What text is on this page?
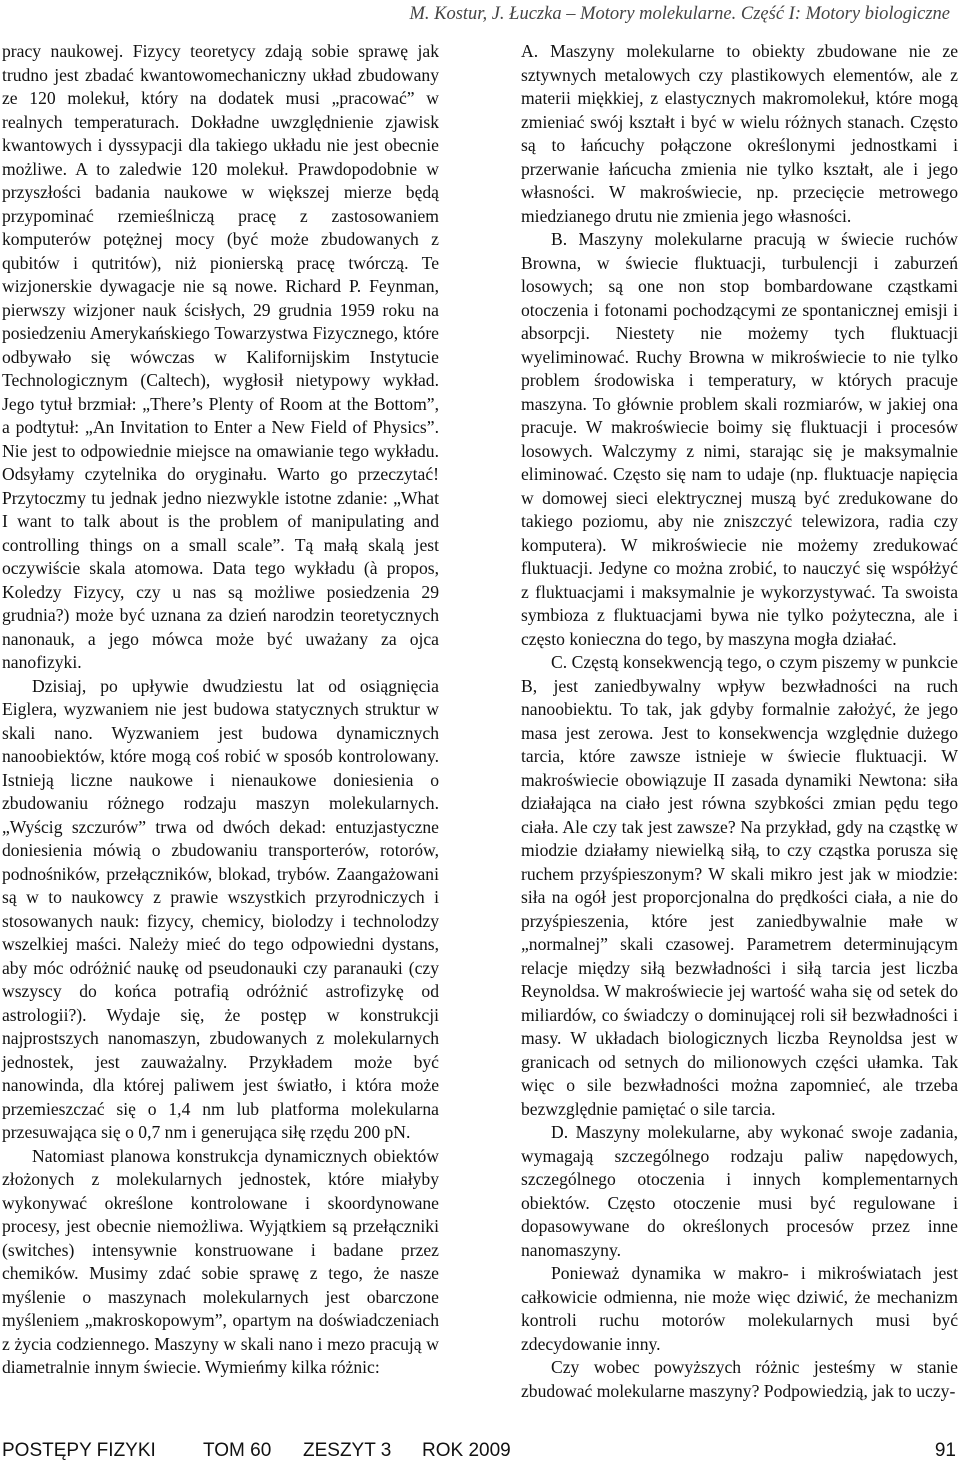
M. Kostur, J. Łuczka – Motory molekularne. Część I: Motory biologiczne

pracy naukowej. Fizycy teoretycy zdają sobie sprawę jak trudno jest zbadać kwantowomechaniczny układ zbudowany ze 120 molekuł, który na dodatek musi „pracować” w realnych temperaturach. Dokładne uwzględnienie zjawisk kwantowych i dyssypacji dla takiego układu nie jest obecnie możliwe. A to zaledwie 120 molekuł. Prawdopodobnie w przyszłości badania naukowe w większej mierze będą przypominać rzemieślniczą pracę z zastosowaniem komputerów potężnej mocy (być może zbudowanych z qubitów i qutritów), niż pionierską pracę twórczą. Te wizjonerskie dywagacje nie są nowe. Richard P. Feynman, pierwszy wizjoner nauk ścisłych, 29 grudnia 1959 roku na posiedzeniu Amerykańskiego Towarzystwa Fizycznego, które odbywało się wówczas w Kalifornijskim Instytucie Technologicznym (Caltech), wygłosił nietypowy wykład. Jego tytuł brzmiał: „There’s Plenty of Room at the Bottom”, a podtytuł: „An Invitation to Enter a New Field of Physics”. Nie jest to odpowiednie miejsce na omawianie tego wykładu. Odsyłamy czytelnika do oryginału. Warto go przeczytać! Przytoczmy tu jednak jedno niezwykle istotne zdanie: „What I want to talk about is the problem of manipulating and controlling things on a small scale”. Tą małą skalą jest oczywiście skala atomowa. Data tego wykładu (à propos, Koledzy Fizycy, czy u nas są możliwe posiedzenia 29 grudnia?) może być uznana za dzień narodzin teoretycznych nanonauk, a jego mówca może być uważany za ojca nanofizyki.

Dzisiaj, po upływie dwudziestu lat od osiągnięcia Eiglera, wyzwaniem nie jest budowa statycznych struktur w skali nano. Wyzwaniem jest budowa dynamicznych nanoobiektów, które mogą coś robić w sposób kontrolowany. Istnieją liczne naukowe i nienaukowe doniesienia o zbudowaniu różnego rodzaju maszyn molekularnych. „Wyścig szczurów” trwa od dwóch dekad: entuzjastyczne doniesienia mówią o zbudowaniu transporterów, rotorów, podnośników, przełączników, blokad, trybów. Zaangażowani są w to naukowcy z prawie wszystkich przyrodniczych i stosowanych nauk: fizycy, chemicy, biolodzy i technolodzy wszelkiej maści. Należy mieć do tego odpowiedni dystans, aby móc odróżnić naukę od pseudonauki czy paranauki (czy wszyscy do końca potrafią odróżnić astrofizykę od astrologii?). Wydaje się, że postęp w konstrukcji najprostszych nanomaszyn, zbudowanych z molekularnych jednostek, jest zauważalny. Przykładem może być nanowinda, dla której paliwem jest światło, i która może przemieszczać się o 1,4 nm lub platforma molekularna przesuwająca się o 0,7 nm i generująca siłę rzędu 200 pN.

Natomiast planowa konstrukcja dynamicznych obiektów złożonych z molekularnych jednostek, które miałyby wykonywać określone kontrolowane i skoordynowane procesy, jest obecnie niemożliwa. Wyjątkiem są przełączniki (switches) intensywnie konstruowane i badane przez chemików. Musimy zdać sobie sprawę z tego, że nasze myślenie o maszynach molekularnych jest obarczone myśleniem „makroskopowym”, opartym na doświadczeniach z życia codziennego. Maszyny w skali nano i mezo pracują w diametralnie innym świecie. Wymieńmy kilka różnic:

A. Maszyny molekularne to obiekty zbudowane nie ze sztywnych metalowych czy plastikowych elementów, ale z materii miękkiej, z elastycznych makromolekuł, które mogą zmieniać swój kształt i być w wielu różnych stanach. Często są to łańcuchy połączone określonymi jednostkami i przerwanie łańcucha zmienia nie tylko kształt, ale i jego własności. W makroświecie, np. przecięcie metrowego miedzianego drutu nie zmienia jego własności.

B. Maszyny molekularne pracują w świecie ruchów Browna, w świecie fluktuacji, turbulencji i zaburzeń losowych; są one non stop bombardowane cząstkami otoczenia i fotonami pochodzącymi ze spontanicznej emisji i absorpcji. Niestety nie możemy tych fluktuacji wyeliminować. Ruchy Browna w mikroświecie to nie tylko problem środowiska i temperatury, w których pracuje maszyna. To głównie problem skali rozmiarów, w jakiej ona pracuje. W makroświecie boimy się fluktuacji i procesów losowych. Walczymy z nimi, starając się je maksymalnie eliminować. Często się nam to udaje (np. fluktuacje napięcia w domowej sieci elektrycznej muszą być zredukowane do takiego poziomu, aby nie zniszczyć telewizora, radia czy komputera). W mikroświecie nie możemy zredukować fluktuacji. Jedyne co można zrobić, to nauczyć się współżyć z fluktuacjami i maksymalnie je wykorzystywać. Ta swoista symbioza z fluktuacjami bywa nie tylko pożyteczna, ale i często konieczna do tego, by maszyna mogła działać.

C. Częstą konsekwencją tego, o czym piszemy w punkcie B, jest zaniedbywalny wpływ bezwładności na ruch nanoobiektu. To tak, jak gdyby formalnie założyć, że jego masa jest zerowa. Jest to konsekwencja względnie dużego tarcia, które zawsze istnieje w świecie fluktuacji. W makroświecie obowiązuje II zasada dynamiki Newtona: siła działająca na ciało jest równa szybkości zmian pędu tego ciała. Ale czy tak jest zawsze? Na przykład, gdy na cząstkę w miodzie działamy niewielką siłą, to czy cząstka porusza się ruchem przyśpieszonym? W skali mikro jest jak w miodzie: siła na ogół jest proporcjonalna do prędkości ciała, a nie do przyśpieszenia, które jest zaniedbywalnie małe w „normalnej” skali czasowej. Parametrem determinującym relacje między siłą bezwładności i siłą tarcia jest liczba Reynoldsa. W makroświecie jej wartość waha się od setek do miliardów, co świadczy o dominującej roli sił bezwładności i masy. W układach biologicznych liczba Reynoldsa jest w granicach od setnych do milionowych części ułamka. Tak więc o sile bezwładności można zapomnieć, ale trzeba bezwzględnie pamiętać o sile tarcia.

D. Maszyny molekularne, aby wykonać swoje zadania, wymagają szczególnego rodzaju paliw napędowych, szczególnego otoczenia i innych komplementarnych obiektów. Często otoczenie musi być regulowane i dopasowywane do określonych procesów przez inne nanomaszyny.

Ponieważ dynamika w makro- i mikroświatach jest całkowicie odmienna, nie może więc dziwić, że mechanizm kontroli ruchu motorów molekularnych musi być zdecydowanie inny.

Czy wobec powyższych różnic jesteśmy w stanie zbudować molekularne maszyny? Podpowiedzią, jak to uczy-

POSTĘPY FIZYKI TOM 60 ZESZYT 3 ROK 2009	91
